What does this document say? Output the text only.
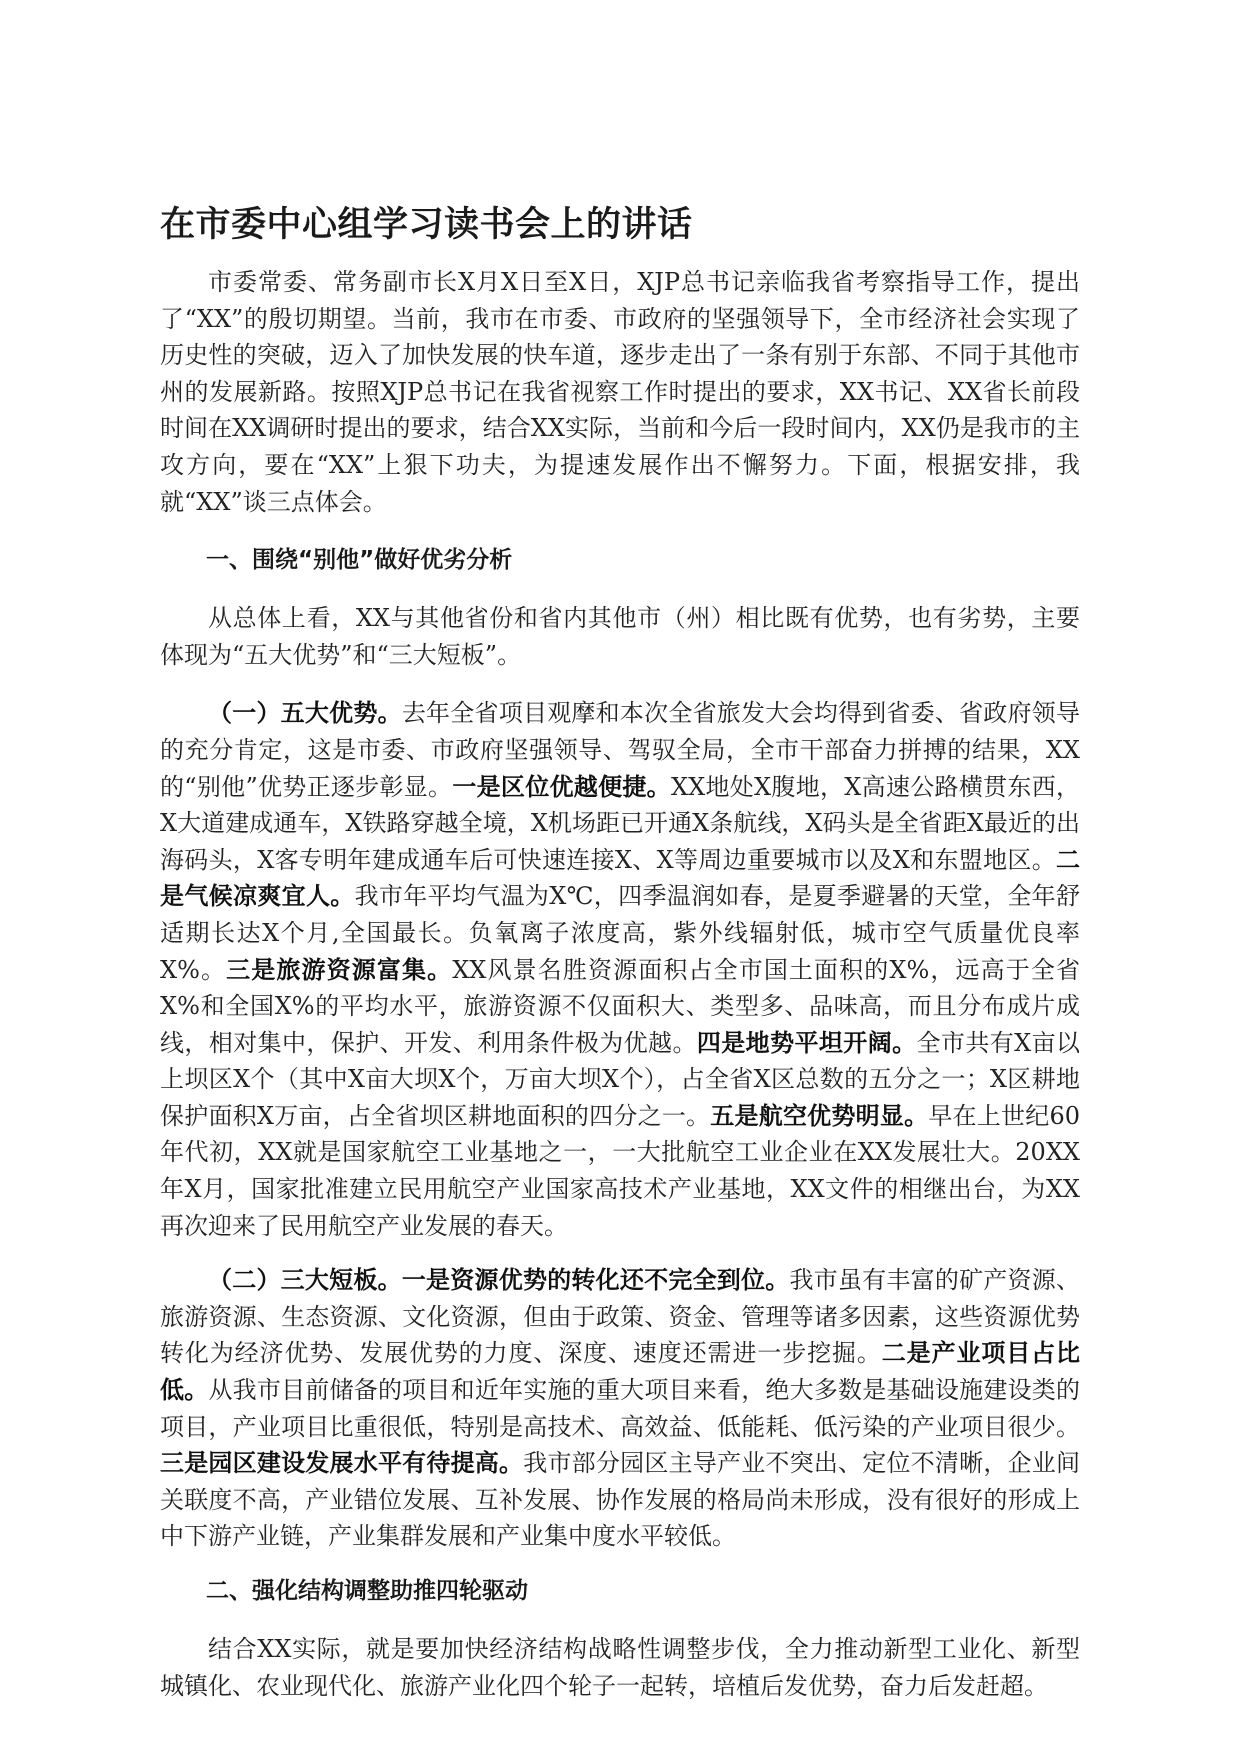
在市委中心组学习读书会上的讲话

市委常委、常务副市长X月X日至X日，XJP总书记亲临我省考察指导工作，提出了“XX”的殷切期望。当前，我市在市委、市政府的坚强领导下，全市经济社会实现了历史性的突破，迈入了加快发展的快车道，逐步走出了一条有别于东部、不同于其他市州的发展新路。按照XJP总书记在我省视察工作时提出的要求，XX书记、XX省长前段时间在XX调研时提出的要求，结合XX实际，当前和今后一段时间内，XX仍是我市的主攻方向，要在“XX”上狠下功夫，为提速发展作出不懈努力。下面，根据安排，我就“XX”谈三点体会。

一、围绕“别他”做好优劣分析

从总体上看，XX与其他省份和省内其他市（州）相比既有优势，也有劣势，主要体现为“五大优势”和“三大短板”。

（一）五大优势。去年全省项目观摩和本次全省旅发大会均得到省委、省政府领导的充分肯定，这是市委、市政府坚强领导、驾驭全局，全市干部奋力拼搏的结果，XX的“别他”优势正逐步彰显。一是区位优越便捷。XX地处X腹地，X高速公路横贯东西，X大道建成通车，X铁路穿越全境，X机场距已开通X条航线，X码头是全省距X最近的出海码头，X客专明年建成通车后可快速连接X、X等周边重要城市以及X和东盟地区。二是气候凉爽宜人。我市年平均气温为X℃，四季温润如春，是夏季避暑的天堂，全年舒适期长达X个月,全国最长。负氧离子浓度高，紫外线辐射低，城市空气质量优良率X%。三是旅游资源富集。XX风景名胜资源面积占全市国土面积的X%，远高于全省X%和全国X%的平均水平，旅游资源不仅面积大、类型多、品味高，而且分布成片成线，相对集中，保护、开发、利用条件极为优越。四是地势平坦开阔。全市共有X亩以上坝区X个（其中X亩大坝X个，万亩大坝X个），占全省X区总数的五分之一；X区耕地保护面积X万亩，占全省坝区耕地面积的四分之一。五是航空优势明显。早在上世纪60年代初，XX就是国家航空工业基地之一，一大批航空工业企业在XX发展壮大。20XX年X月，国家批准建立民用航空产业国家高技术产业基地，XX文件的相继出台，为XX再次迎来了民用航空产业发展的春天。

（二）三大短板。一是资源优势的转化还不完全到位。我市虽有丰富的矿产资源、旅游资源、生态资源、文化资源，但由于政策、资金、管理等诸多因素，这些资源优势转化为经济优势、发展优势的力度、深度、速度还需进一步挖掘。二是产业项目占比低。从我市目前储备的项目和近年实施的重大项目来看，绝大多数是基础设施建设类的项目，产业项目比重很低，特别是高技术、高效益、低能耗、低污染的产业项目很少。三是园区建设发展水平有待提高。我市部分园区主导产业不突出、定位不清晰，企业间关联度不高，产业错位发展、互补发展、协作发展的格局尚未形成，没有很好的形成上中下游产业链，产业集群发展和产业集中度水平较低。

二、强化结构调整助推四轮驱动

结合XX实际，就是要加快经济结构战略性调整步伐，全力推动新型工业化、新型城镇化、农业现代化、旅游产业化四个轮子一起转，培植后发优势，奋力后发赶超。
